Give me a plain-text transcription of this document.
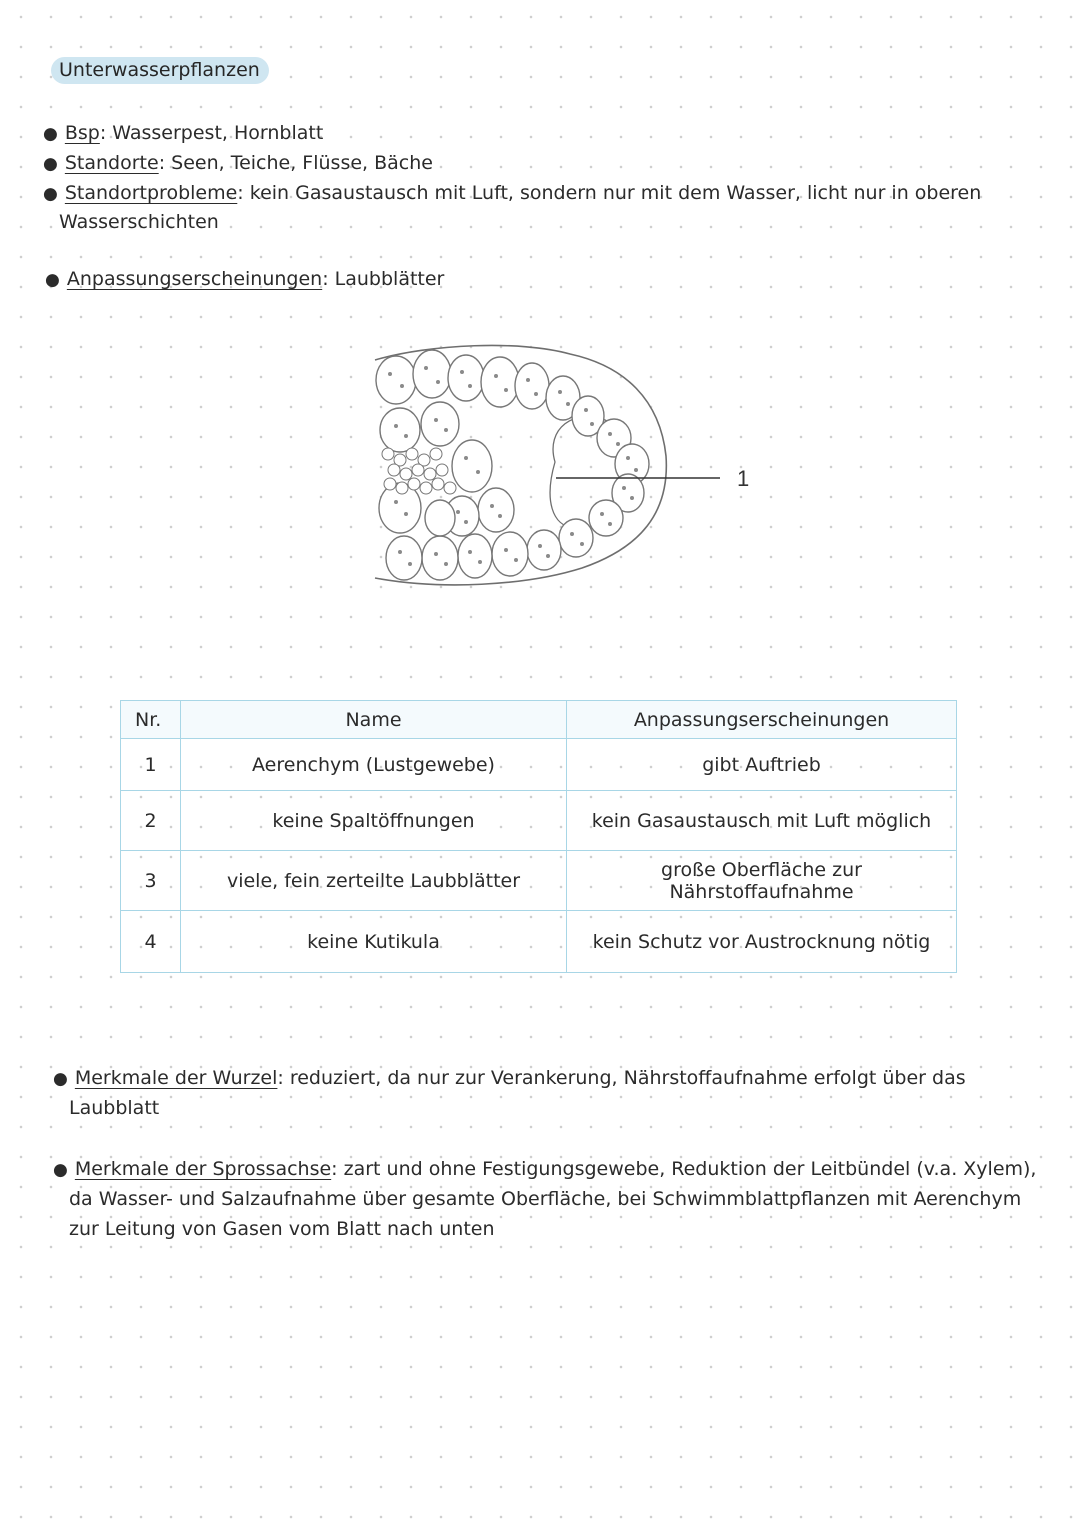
Unterwasserpflanzen
● Bsp: Wasserpest, Hornblatt
● Standorte: Seen, Teiche, Flüsse, Bäche
● Standortprobleme: kein Gasaustausch mit Luft, sondern nur mit dem Wasser, licht nur in oberen
Wasserschichten
● Anpassungserscheinungen: Laubblätter
1
Nr.	Name	Anpassungserscheinungen
1	Aerenchym (Lustgewebe)	gibt Auftrieb
2	keine Spaltöffnungen	kein Gasaustausch mit Luft möglich
3	viele, fein zerteilte Laubblätter	große Oberfläche zur
Nährstoffaufnahme

4	keine Kutikula	kein Schutz vor Austrocknung nötig
● Merkmale der Wurzel: reduziert, da nur zur Verankerung, Nährstoffaufnahme erfolgt über das
Laubblatt
● Merkmale der Sprossachse: zart und ohne Festigungsgewebe, Reduktion der Leitbündel (v.a. Xylem),
da Wasser- und Salzaufnahme über gesamte Oberfläche, bei Schwimmblattpflanzen mit Aerenchym
zur Leitung von Gasen vom Blatt nach unten
